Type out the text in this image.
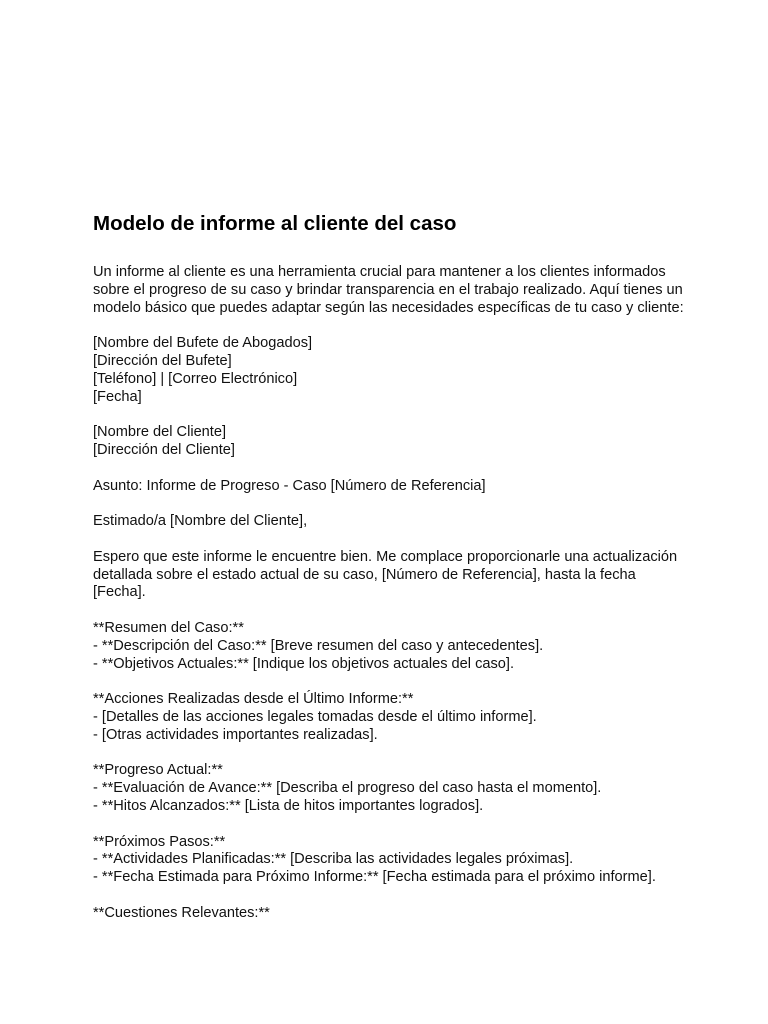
Modelo de informe al cliente del caso

Un informe al cliente es una herramienta crucial para mantener a los clientes informados
sobre el progreso de su caso y brindar transparencia en el trabajo realizado. Aquí tienes un
modelo básico que puedes adaptar según las necesidades específicas de tu caso y cliente:

[Nombre del Bufete de Abogados]
[Dirección del Bufete]
[Teléfono] | [Correo Electrónico]
[Fecha]

[Nombre del Cliente]
[Dirección del Cliente]

Asunto: Informe de Progreso - Caso [Número de Referencia]

Estimado/a [Nombre del Cliente],

Espero que este informe le encuentre bien. Me complace proporcionarle una actualización
detallada sobre el estado actual de su caso, [Número de Referencia], hasta la fecha
[Fecha].

**Resumen del Caso:**
- **Descripción del Caso:** [Breve resumen del caso y antecedentes].
- **Objetivos Actuales:** [Indique los objetivos actuales del caso].

**Acciones Realizadas desde el Último Informe:**
- [Detalles de las acciones legales tomadas desde el último informe].
- [Otras actividades importantes realizadas].

**Progreso Actual:**
- **Evaluación de Avance:** [Describa el progreso del caso hasta el momento].
- **Hitos Alcanzados:** [Lista de hitos importantes logrados].

**Próximos Pasos:**
- **Actividades Planificadas:** [Describa las actividades legales próximas].
- **Fecha Estimada para Próximo Informe:** [Fecha estimada para el próximo informe].

**Cuestiones Relevantes:**
